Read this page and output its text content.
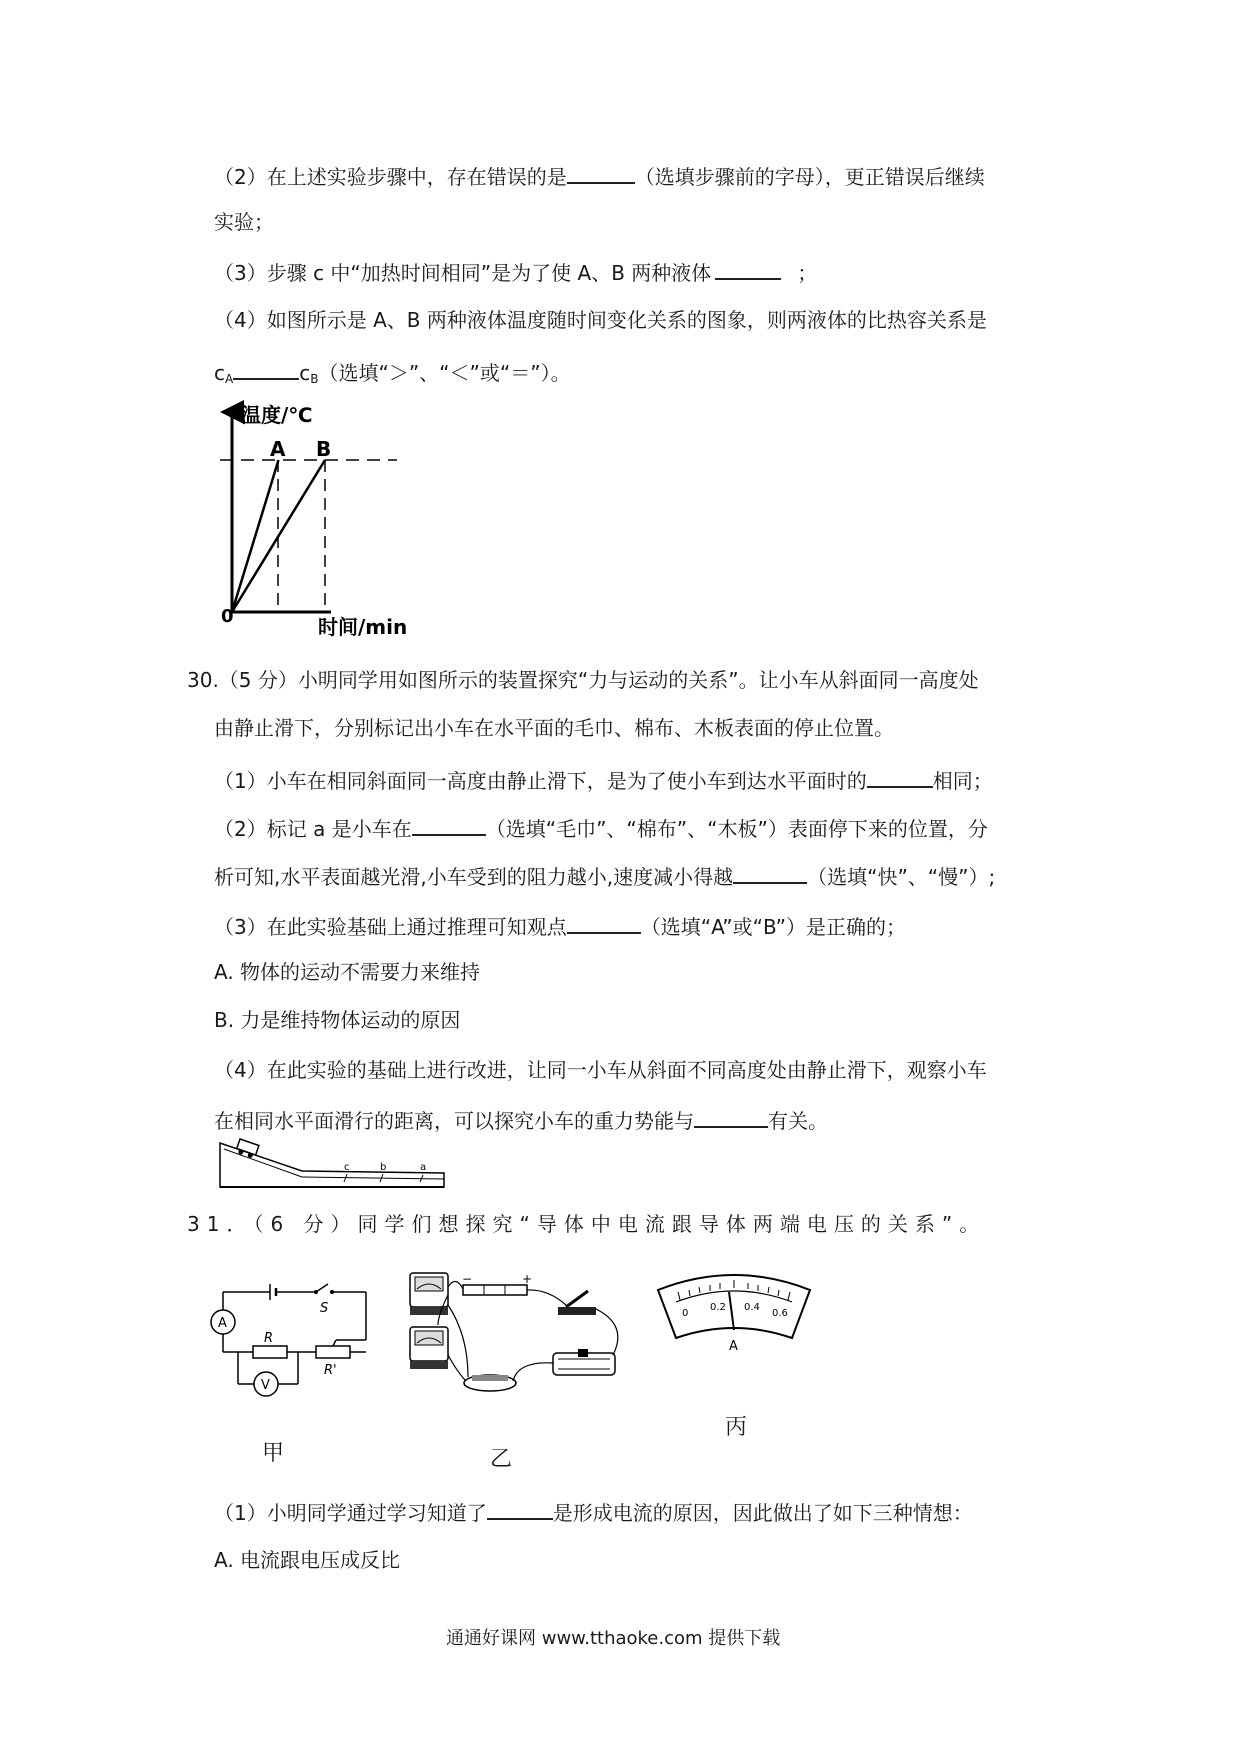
（2）在上述实验步骤中，存在错误的是	（选填步骤前的字母），更正错误后继续
实验；
（3）步骤 c 中“加热时间相同”是为了使 A、B 两种液体	；
（4）如图所示是 A、B 两种液体温度随时间变化关系的图象，则两液体的比热容关系是
$c_A$	$c_B$（选填“＞”、“＜”或“＝”）。
A B
温度/℃
0	时间/min
30.（5 分）小明同学用如图所示的装置探究“力与运动的关系”。让小车从斜面同一高度处
由静止滑下，分别标记出小车在水平面的毛巾、棉布、木板表面的停止位置。
（1）小车在相同斜面同一高度由静止滑下，是为了使小车到达水平面时的	相同；
（2）标记 a 是小车在	（选填“毛巾”、“棉布”、“木板”）表面停下来的位置，分
析可知,水平表面越光滑,小车受到的阻力越小,速度减小得越	（选填“快”、“慢”）;
（3）在此实验基础上通过推理可知观点	（选填“A”或“B”）是正确的；
A. 物体的运动不需要力来维持
B. 力是维持物体运动的原因
（4）在此实验的基础上进行改进，让同一小车从斜面不同高度处由静止滑下，观察小车
在相同水平面滑行的距离，可以探究小车的重力势能与	有关。
c	b	a
31．（6 分）同学们想探究“导体中电流跟导体两端电压的关系”。
A
V
S
R
R'
−	+
0
0.2 0.4
0.6
A
甲	乙
丙
（1）小明同学通过学习知道了	是形成电流的原因，因此做出了如下三种情想：
A. 电流跟电压成反比
通通好课网 www.tthaoke.com 提供下载
